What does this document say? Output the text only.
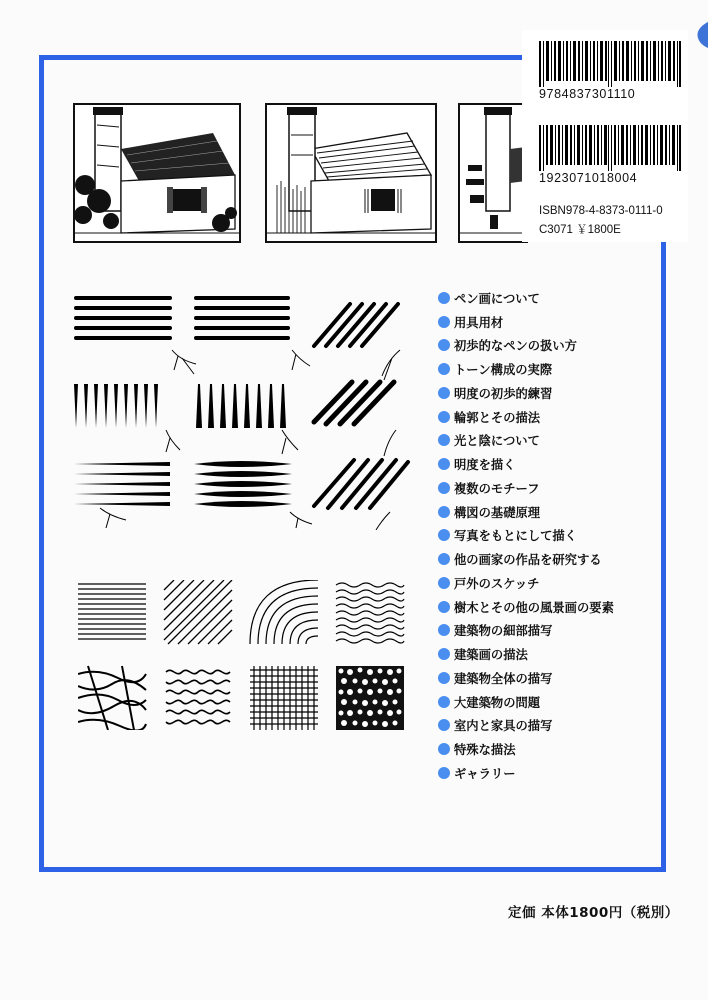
9784837301110
1923071018004
ISBN978-4-8373-0111-0
C3071 ￥1800E
ペン画について
用具用材
初歩的なペンの扱い方
トーン構成の実際
明度の初歩的練習
輪郭とその描法
光と陰について
明度を描く
複数のモチーフ
構図の基礎原理
写真をもとにして描く
他の画家の作品を研究する
戸外のスケッチ
樹木とその他の風景画の要素
建築物の細部描写
建築画の描法
建築物全体の描写
大建築物の問題
室内と家具の描写
特殊な描法
ギャラリー
定価 本体1800円（税別）
